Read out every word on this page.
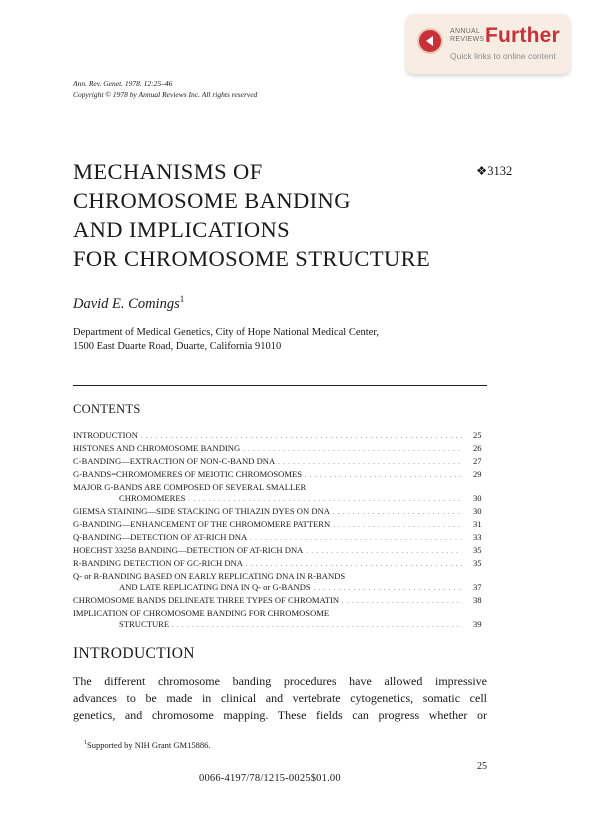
ANNUAL
REVIEWS Further
Quick links to online content
Ann. Rev. Genet. 1978. 12:25–46
Copyright © 1978 by Annual Reviews Inc. All rights reserved
MECHANISMS OF
CHROMOSOME BANDING
AND IMPLICATIONS
FOR CHROMOSOME STRUCTURE
❖3132
David E. Comings$^1$
Department of Medical Genetics, City of Hope National Medical Center,
1500 East Duarte Road, Duarte, California 91010
CONTENTS
INTRODUCTION . . .	25
HISTONES AND CHROMOSOME BANDING . . .	26
C-BANDING—EXTRACTION OF NON-C-BAND DNA . . .	27
G-BANDS=CHROMOMERES OF MEIOTIC CHROMOSOMES . . .	29
MAJOR G-BANDS ARE COMPOSED OF SEVERAL SMALLER
CHROMOMERES . . .	30
GIEMSA STAINING—SIDE STACKING OF THIAZIN DYES ON DNA . . .	30
G-BANDING—ENHANCEMENT OF THE CHROMOMERE PATTERN . . .	31
Q-BANDING—DETECTION OF AT-RICH DNA . . .	33
HOECHST 33258 BANDING—DETECTION OF AT-RICH DNA . . .	35
R-BANDING DETECTION OF GC-RICH DNA . . .	35
Q- or R-BANDING BASED ON EARLY REPLICATING DNA IN R-BANDS
AND LATE REPLICATING DNA IN Q- or G-BANDS . . .	37
CHROMOSOME BANDS DELINEATE THREE TYPES OF CHROMATIN . . .	38
IMPLICATION OF CHROMOSOME BANDING FOR CHROMOSOME
STRUCTURE . . .	39
INTRODUCTION
The different chromosome banding procedures have allowed impressive
advances to be made in clinical and vertebrate cytogenetics, somatic cell
genetics, and chromosome mapping. These fields can progress whether or
$^1$Supported by NIH Grant GM15886.
25
0066-4197/78/1215-0025$01.00
